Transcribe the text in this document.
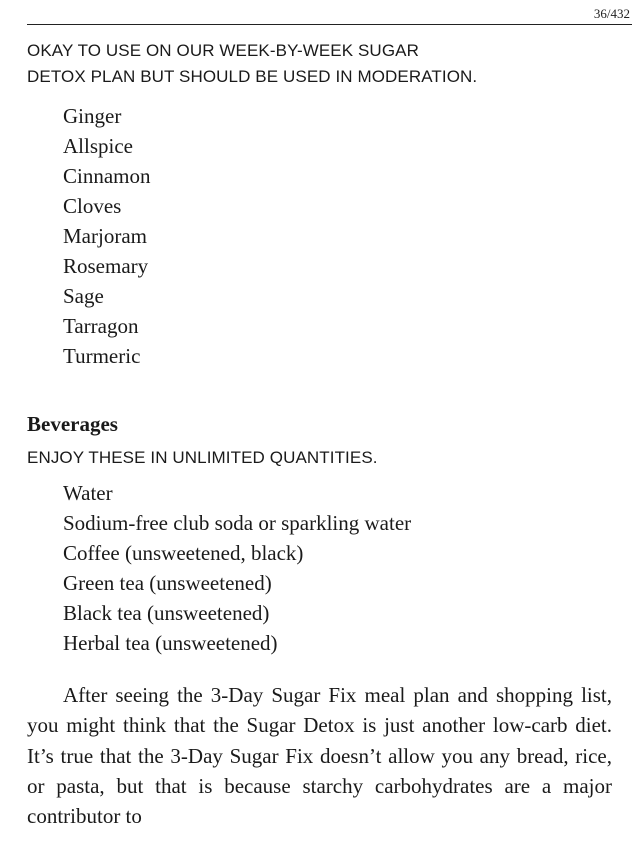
36/432
OKAY TO USE ON OUR WEEK-BY-WEEK SUGAR
DETOX PLAN BUT SHOULD BE USED IN MODERATION.
Ginger
Allspice
Cinnamon
Cloves
Marjoram
Rosemary
Sage
Tarragon
Turmeric
Beverages
ENJOY THESE IN UNLIMITED QUANTITIES.
Water
Sodium-free club soda or sparkling water
Coffee (unsweetened, black)
Green tea (unsweetened)
Black tea (unsweetened)
Herbal tea (unsweetened)

After seeing the 3-Day Sugar Fix meal plan and shopping list, you might think that the Sugar Detox is just another low-carb diet. It’s true that the 3-Day Sugar Fix doesn’t allow you any bread, rice, or pasta, but that is because starchy carbohydrates are a major contributor to
